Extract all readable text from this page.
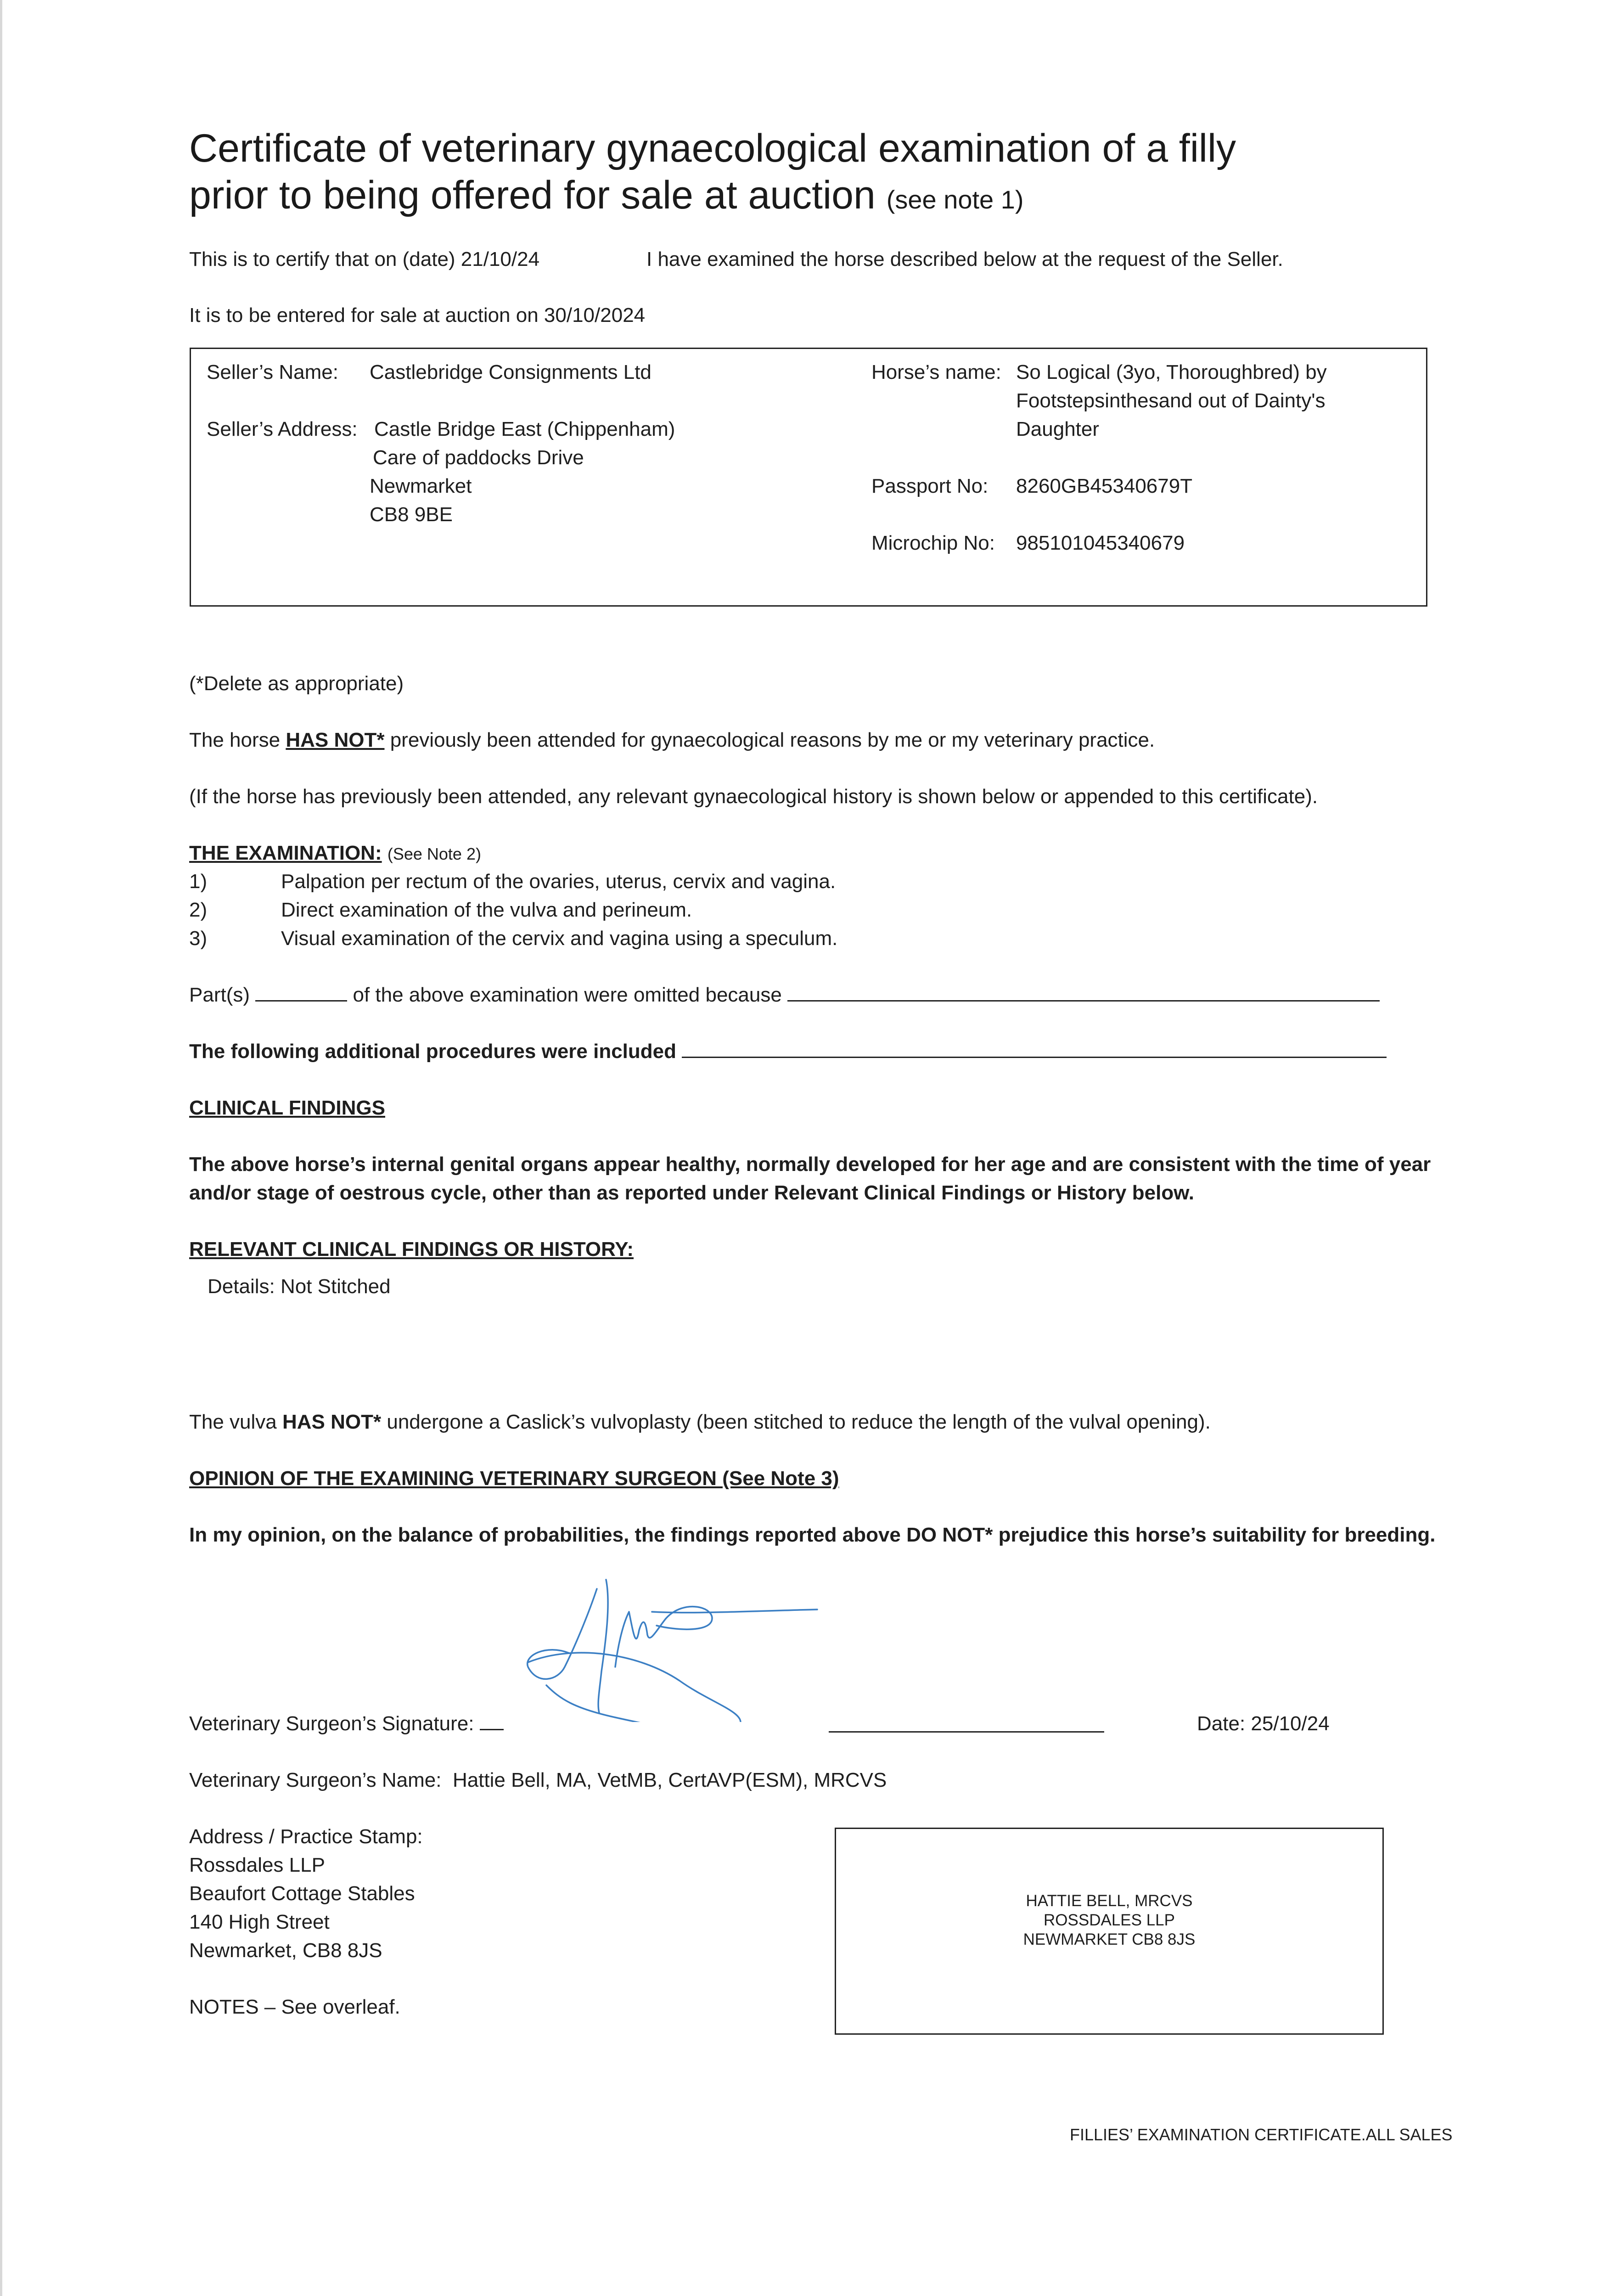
Certificate of veterinary gynaecological examination of a filly
prior to being offered for sale at auction (see note 1)
This is to certify that on (date) 21/10/24	I have examined the horse described below at the request of the Seller.
It is to be entered for sale at auction on 30/10/2024
Seller’s Name: Castlebridge Consignments Ltd
Seller’s Address: Castle Bridge East (Chippenham)
Care of paddocks Drive
Newmarket
CB8 9BE
Horse’s name: So Logical (3yo, Thoroughbred) by
Footstepsinthesand out of Dainty's
Daughter
Passport No: 8260GB45340679T
Microchip No: 985101045340679
(*Delete as appropriate)
The horse HAS NOT* previously been attended for gynaecological reasons by me or my veterinary practice.
(If the horse has previously been attended, any relevant gynaecological history is shown below or appended to this certificate).
THE EXAMINATION: (See Note 2)
1)	Palpation per rectum of the ovaries, uterus, cervix and vagina.
2)	Direct examination of the vulva and perineum.
3)	Visual examination of the cervix and vagina using a speculum.
Part(s)	of the above examination were omitted because
The following additional procedures were included
CLINICAL FINDINGS
The above horse’s internal genital organs appear healthy, normally developed for her age and are consistent with the time of year
and/or stage of oestrous cycle, other than as reported under Relevant Clinical Findings or History below.
RELEVANT CLINICAL FINDINGS OR HISTORY:
Details: Not Stitched
The vulva HAS NOT* undergone a Caslick’s vulvoplasty (been stitched to reduce the length of the vulval opening).
OPINION OF THE EXAMINING VETERINARY SURGEON (See Note 3)
In my opinion, on the balance of probabilities, the findings reported above DO NOT* prejudice this horse’s suitability for breeding.
Veterinary Surgeon’s Signature:	Date: 25/10/24
Veterinary Surgeon’s Name: Hattie Bell, MA, VetMB, CertAVP(ESM), MRCVS
Address / Practice Stamp:
Rossdales LLP
Beaufort Cottage Stables
140 High Street
Newmarket, CB8 8JS
HATTIE BELL, MRCVS
ROSSDALES LLP
NEWMARKET CB8 8JS
NOTES – See overleaf.
FILLIES’ EXAMINATION CERTIFICATE.ALL SALES
